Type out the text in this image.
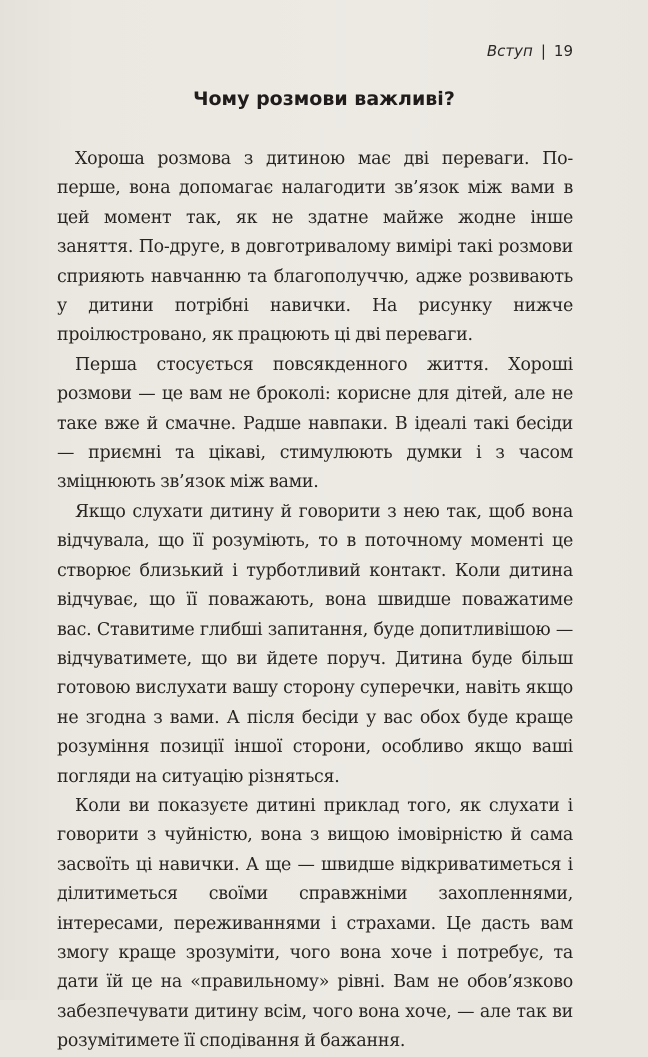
Вступ | 19
Чому розмови важливі?

Хороша розмова з дитиною має дві переваги. По-перше, вона допомагає налагодити зв’язок між вами в цей момент так, як не здатне майже жодне інше заняття. По-друге, в довготривалому вимірі такі розмови сприяють навчанню та благополуччю, адже розвивають у дитини потрібні навички. На рисунку нижче проілюстровано, як працюють ці дві переваги.

Перша стосується повсякденного життя. Хороші розмови — це вам не броколі: корисне для дітей, але не таке вже й смачне. Радше навпаки. В ідеалі такі бесіди — приємні та цікаві, стимулюють думки і з часом зміцнюють зв’язок між вами.

Якщо слухати дитину й говорити з нею так, щоб вона відчувала, що її розуміють, то в поточному моменті це створює близький і турботливий контакт. Коли дитина відчуває, що її поважають, вона швидше поважатиме вас. Ставитиме глибші запитання, буде допитливішою — відчуватимете, що ви йдете поруч. Дитина буде більш готовою вислухати вашу сторону суперечки, навіть якщо не згодна з вами. А після бесіди у вас обох буде краще розуміння позиції іншої сторони, особливо якщо ваші погляди на ситуацію різняться.

Коли ви показуєте дитині приклад того, як слухати і говорити з чуйністю, вона з вищою імовірністю й сама засвоїть ці навички. А ще — швидше відкриватиметься і ділитиметься своїми справжніми захопленнями, інтересами, переживаннями і страхами. Це дасть вам змогу краще зрозуміти, чого вона хоче і потребує, та дати їй це на «правильному» рівні. Вам не обов’язково забезпечувати дитину всім, чого вона хоче, — але так ви розумітимете її сподівання й бажання.
